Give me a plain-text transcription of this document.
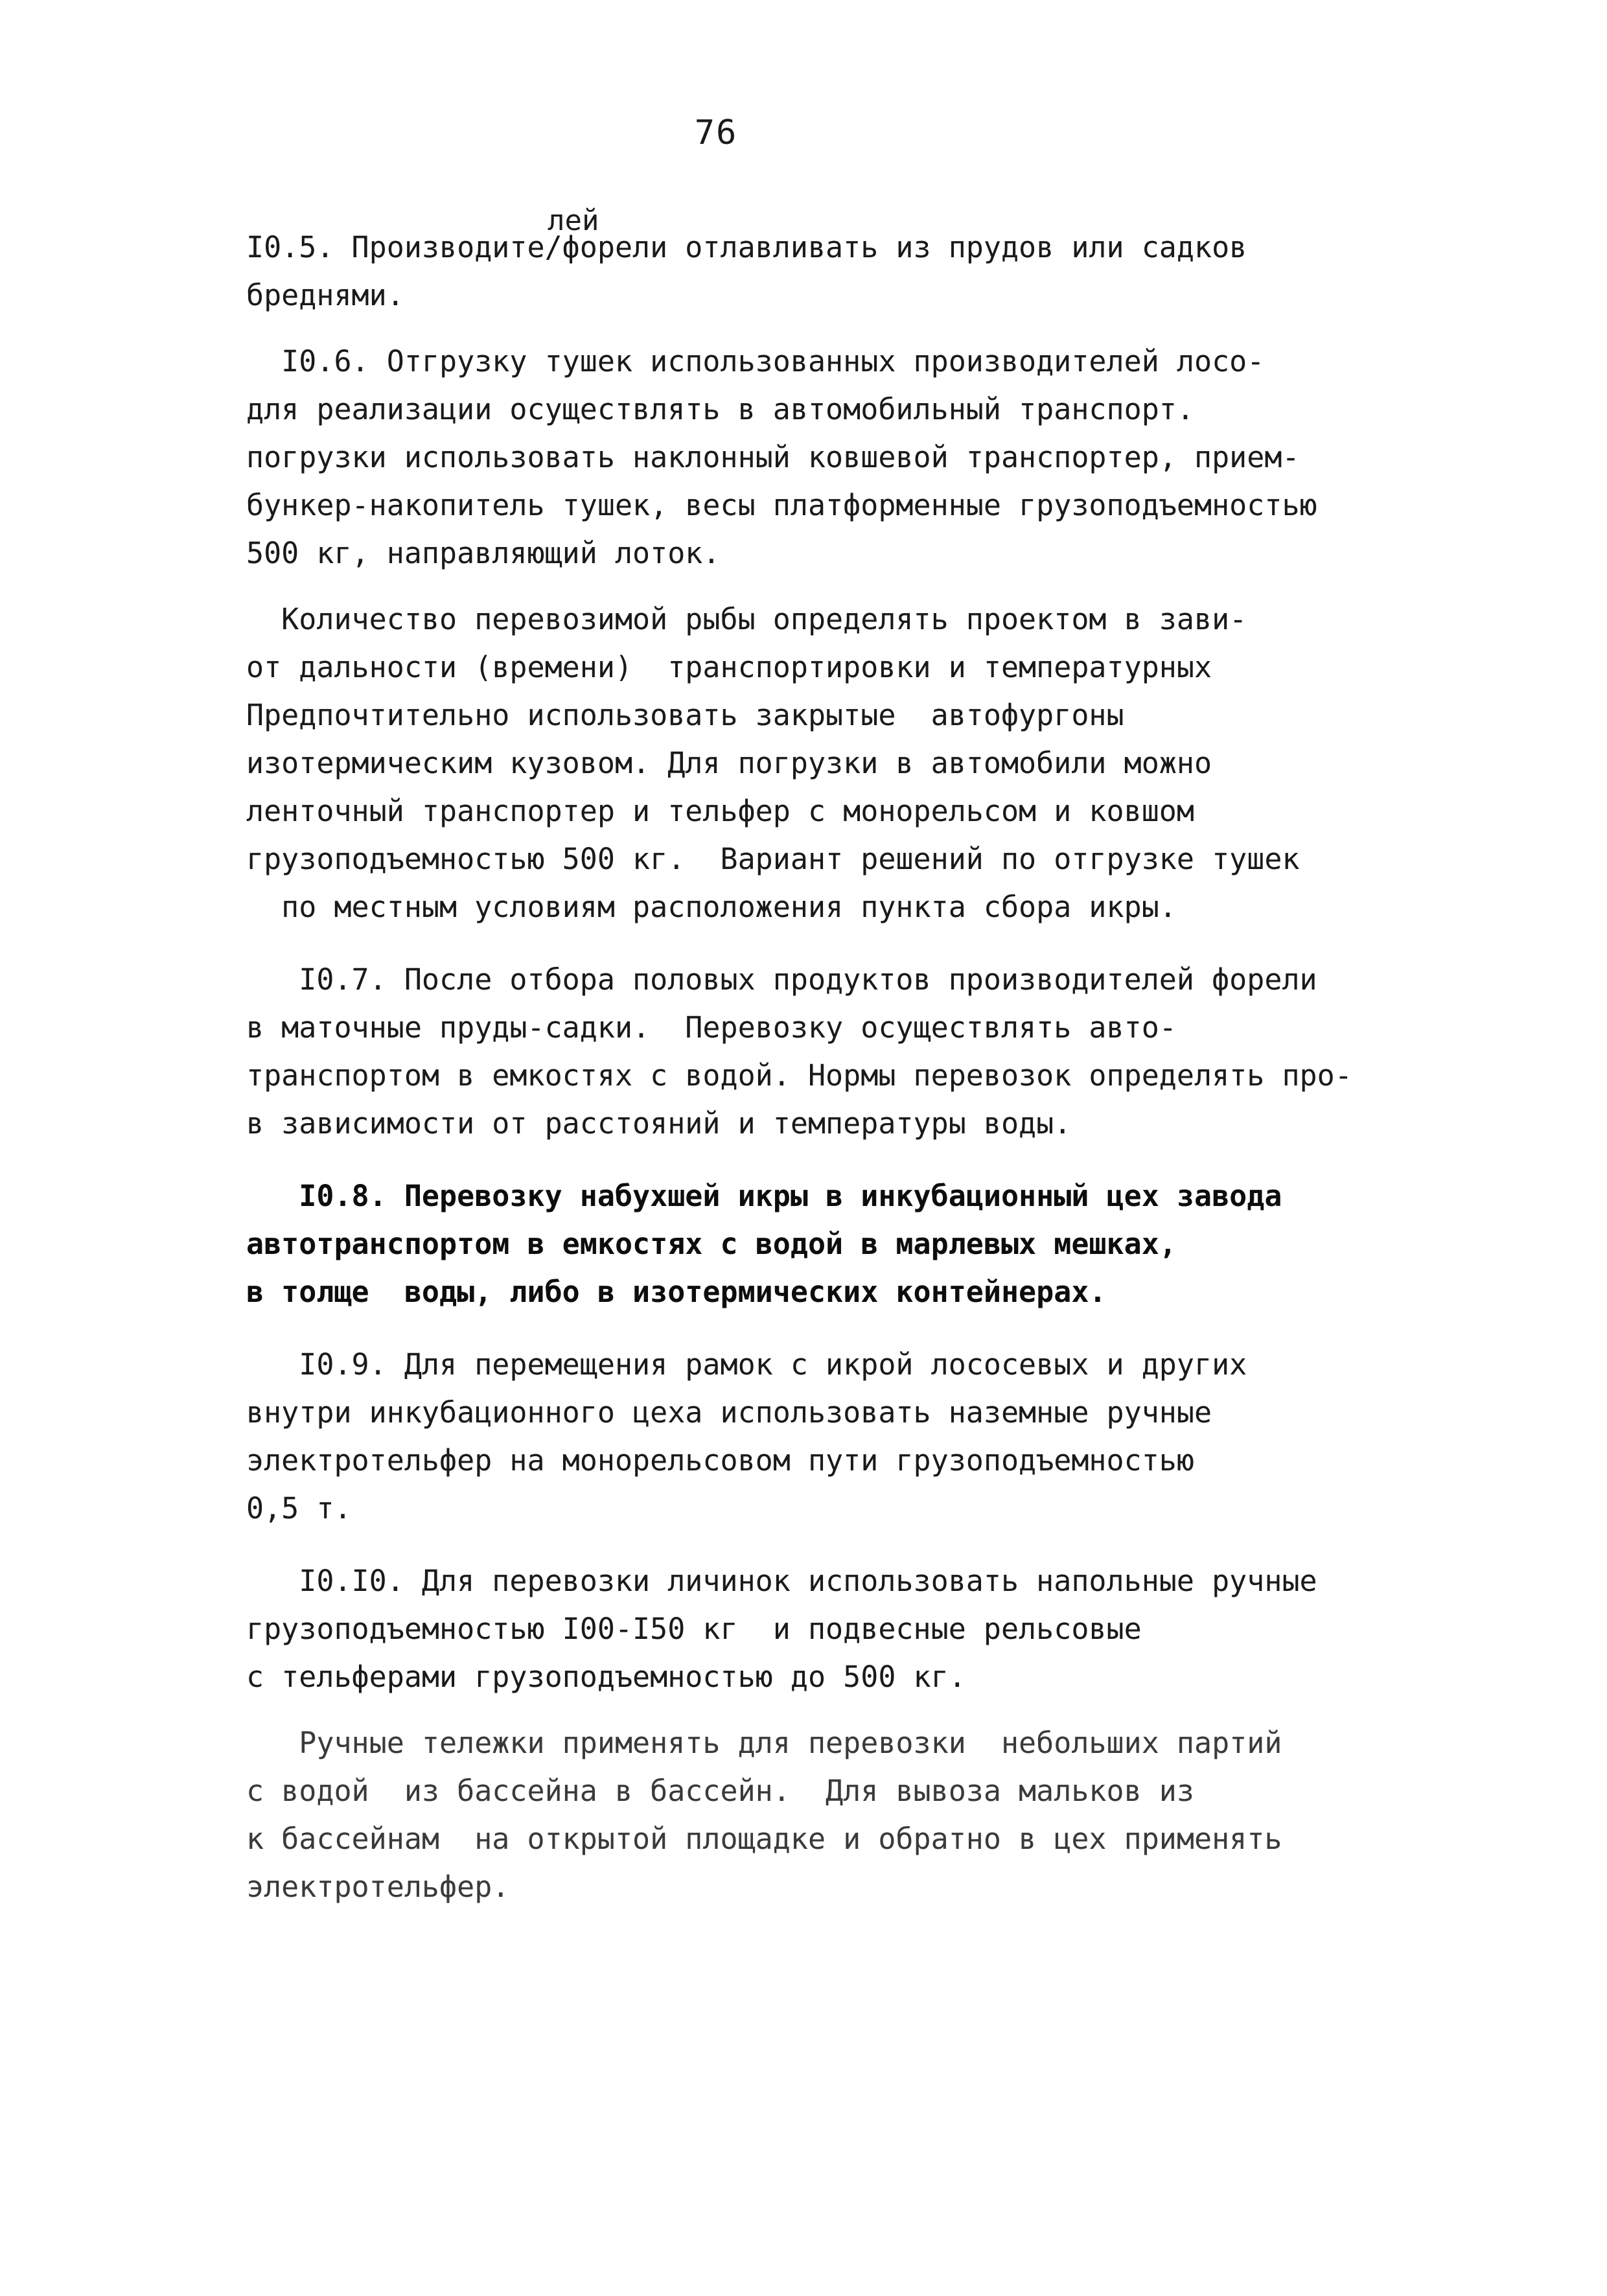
76
лей
I0.5. Производите/форели отлавливать из прудов или садков
бреднями.
I0.6. Отгрузку тушек использованных производителей лосо-
для реализации осуществлять в автомобильный транспорт.
погрузки использовать наклонный ковшевой транспортер, прием-
бункер-накопитель тушек, весы платформенные грузоподъемностью
500 кг, направляющий лоток.
Количество перевозимой рыбы определять проектом в зави-
от дальности (времени)  транспортировки и температурных
Предпочтительно использовать закрытые  автофургоны
изотермическим кузовом. Для погрузки в автомобили можно
ленточный транспортер и тельфер с монорельсом и ковшом
грузоподъемностью 500 кг.  Вариант решений по отгрузке тушек
по местным условиям расположения пункта сбора икры.
I0.7. После отбора половых продуктов производителей форели
в маточные пруды-садки.  Перевозку осуществлять авто-
транспортом в емкостях с водой. Нормы перевозок определять про-
в зависимости от расстояний и температуры воды.
I0.8. Перевозку набухшей икры в инкубационный цех завода
автотранспортом в емкостях с водой в марлевых мешках,
в толще  воды, либо в изотермических контейнерах.
I0.9. Для перемещения рамок с икрой лососевых и других
внутри инкубационного цеха использовать наземные ручные
электротельфер на монорельсовом пути грузоподъемностью
0,5 т.
I0.I0. Для перевозки личинок использовать напольные ручные
грузоподъемностью I00-I50 кг  и подвесные рельсовые
с тельферами грузоподъемностью до 500 кг.
Ручные тележки применять для перевозки  небольших партий
с водой  из бассейна в бассейн.  Для вывоза мальков из
к бассейнам  на открытой площадке и обратно в цех применять
электротельфер.
